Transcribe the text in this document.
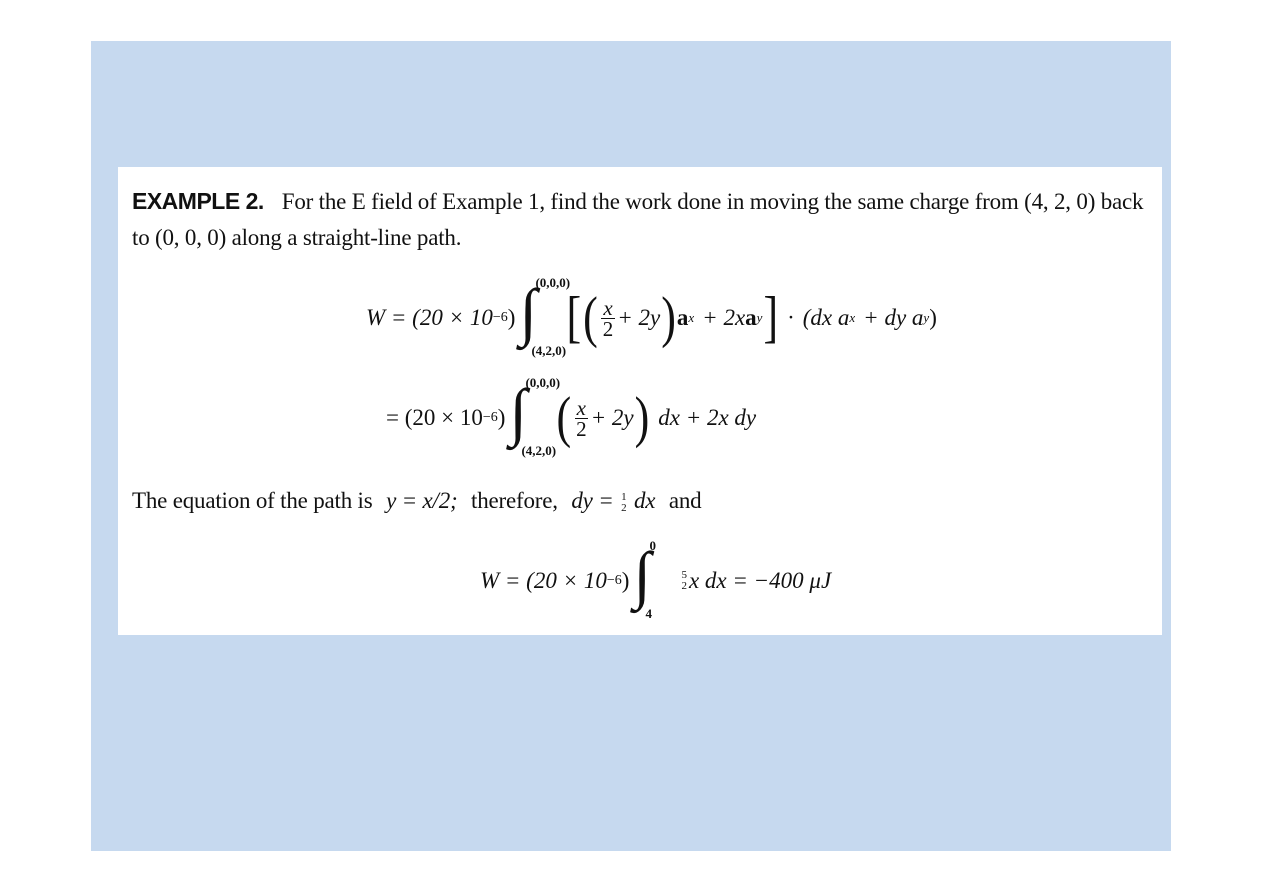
EXAMPLE 2. For the E field of Example 1, find the work done in moving the same charge from (4, 2, 0) back
to (0, 0, 0) along a straight-line path.
W = (20 × 10 −6 ) ∫
(0,0,0)
(4,2,0)
[ ( $\frac{x}{2} + 2y$ ) a x + 2x a y ] · (dx a x + dy a y )
= (20 × 10 −6 ) ∫
(0,0,0)
(4,2,0)
( $\frac{x}{2} + 2y$ ) dx + 2x dy
The equation of the path is y = x/2; therefore, dy = 1
2 dx and
W = (20 × 10 −6 ) ∫
0
4
5
2 x dx = −400 μJ
